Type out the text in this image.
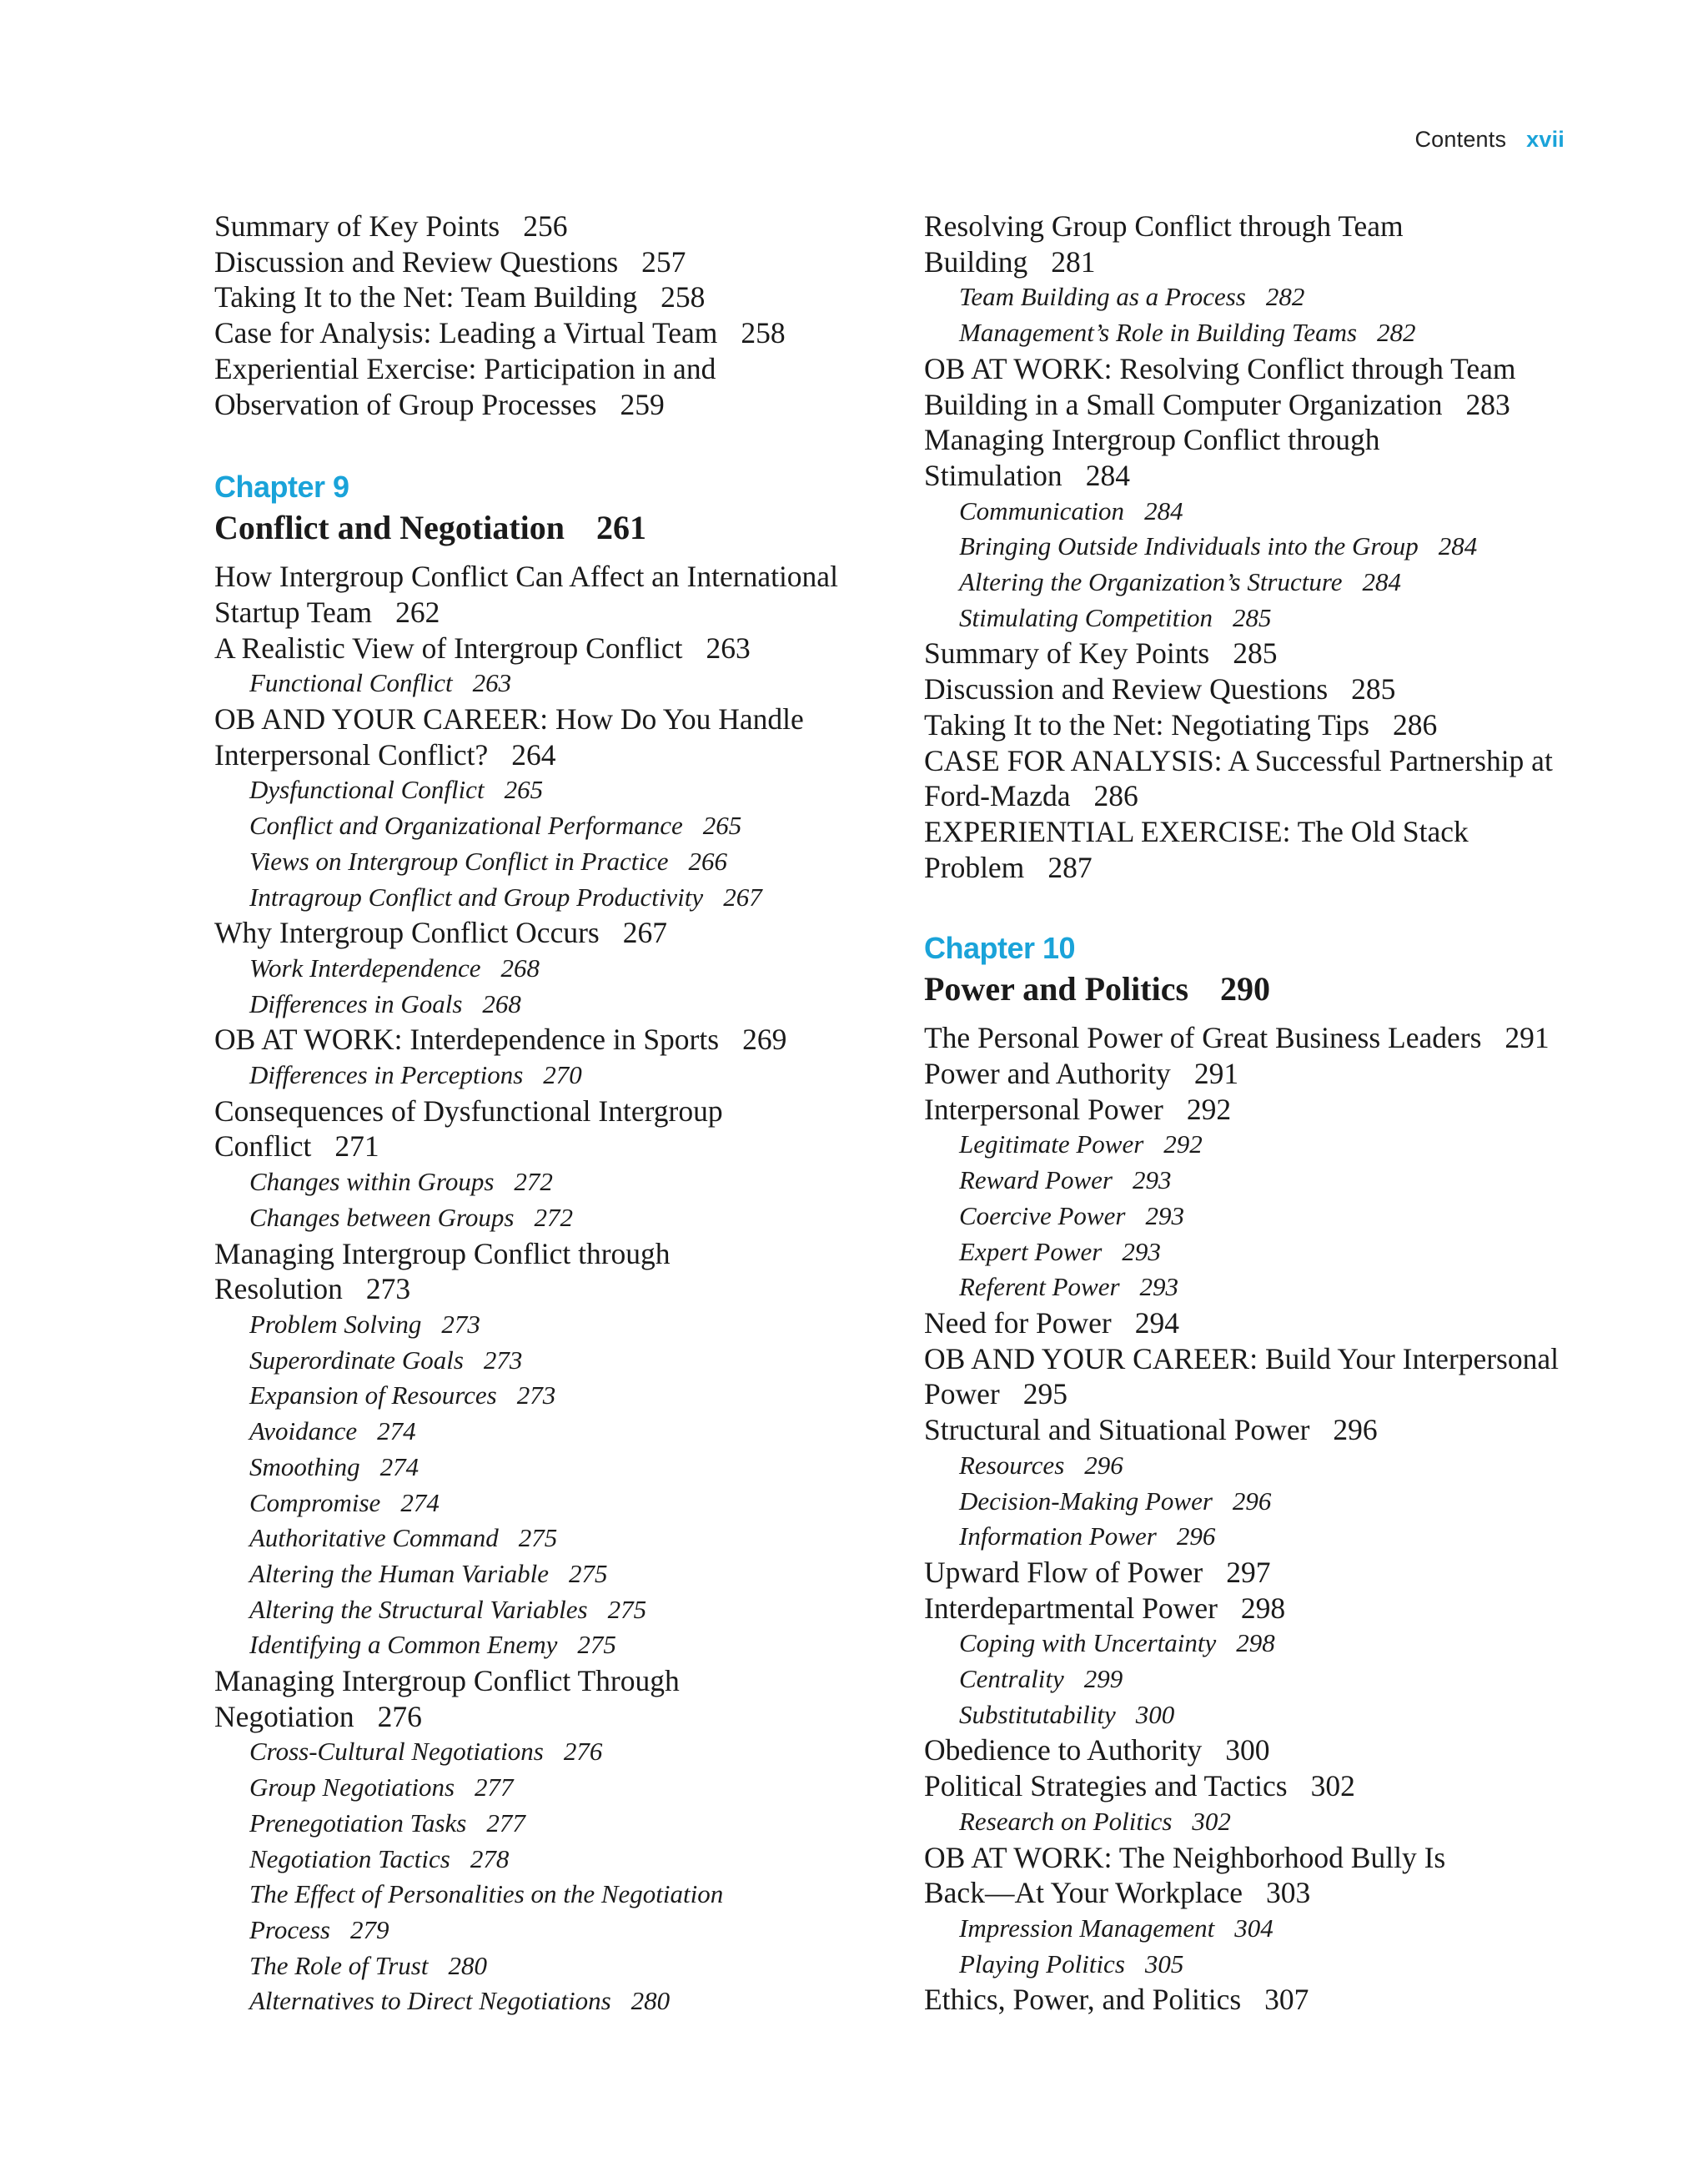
Contents xvii
Summary of Key Points 256
Discussion and Review Questions 257
Taking It to the Net: Team Building 258
Case for Analysis: Leading a Virtual Team 258
Experiential Exercise: Participation in and
Observation of Group Processes 259
Chapter 9
Conflict and Negotiation 261
How Intergroup Conflict Can Affect an International
Startup Team 262
A Realistic View of Intergroup Conflict 263
Functional Conflict 263
OB AND YOUR CAREER: How Do You Handle
Interpersonal Conflict? 264
Dysfunctional Conflict 265
Conflict and Organizational Performance 265
Views on Intergroup Conflict in Practice 266
Intragroup Conflict and Group Productivity 267
Why Intergroup Conflict Occurs 267
Work Interdependence 268
Differences in Goals 268
OB AT WORK: Interdependence in Sports 269
Differences in Perceptions 270
Consequences of Dysfunctional Intergroup
Conflict 271
Changes within Groups 272
Changes between Groups 272
Managing Intergroup Conflict through
Resolution 273
Problem Solving 273
Superordinate Goals 273
Expansion of Resources 273
Avoidance 274
Smoothing 274
Compromise 274
Authoritative Command 275
Altering the Human Variable 275
Altering the Structural Variables 275
Identifying a Common Enemy 275
Managing Intergroup Conflict Through
Negotiation 276
Cross-Cultural Negotiations 276
Group Negotiations 277
Prenegotiation Tasks 277
Negotiation Tactics 278
The Effect of Personalities on the Negotiation
Process 279
The Role of Trust 280
Alternatives to Direct Negotiations 280
Resolving Group Conflict through Team
Building 281
Team Building as a Process 282
Management’s Role in Building Teams 282
OB AT WORK: Resolving Conflict through Team
Building in a Small Computer Organization 283
Managing Intergroup Conflict through
Stimulation 284
Communication 284
Bringing Outside Individuals into the Group 284
Altering the Organization’s Structure 284
Stimulating Competition 285
Summary of Key Points 285
Discussion and Review Questions 285
Taking It to the Net: Negotiating Tips 286
CASE FOR ANALYSIS: A Successful Partnership at
Ford-Mazda 286
EXPERIENTIAL EXERCISE: The Old Stack
Problem 287
Chapter 10
Power and Politics 290
The Personal Power of Great Business Leaders 291
Power and Authority 291
Interpersonal Power 292
Legitimate Power 292
Reward Power 293
Coercive Power 293
Expert Power 293
Referent Power 293
Need for Power 294
OB AND YOUR CAREER: Build Your Interpersonal
Power 295
Structural and Situational Power 296
Resources 296
Decision-Making Power 296
Information Power 296
Upward Flow of Power 297
Interdepartmental Power 298
Coping with Uncertainty 298
Centrality 299
Substitutability 300
Obedience to Authority 300
Political Strategies and Tactics 302
Research on Politics 302
OB AT WORK: The Neighborhood Bully Is
Back—At Your Workplace 303
Impression Management 304
Playing Politics 305
Ethics, Power, and Politics 307
